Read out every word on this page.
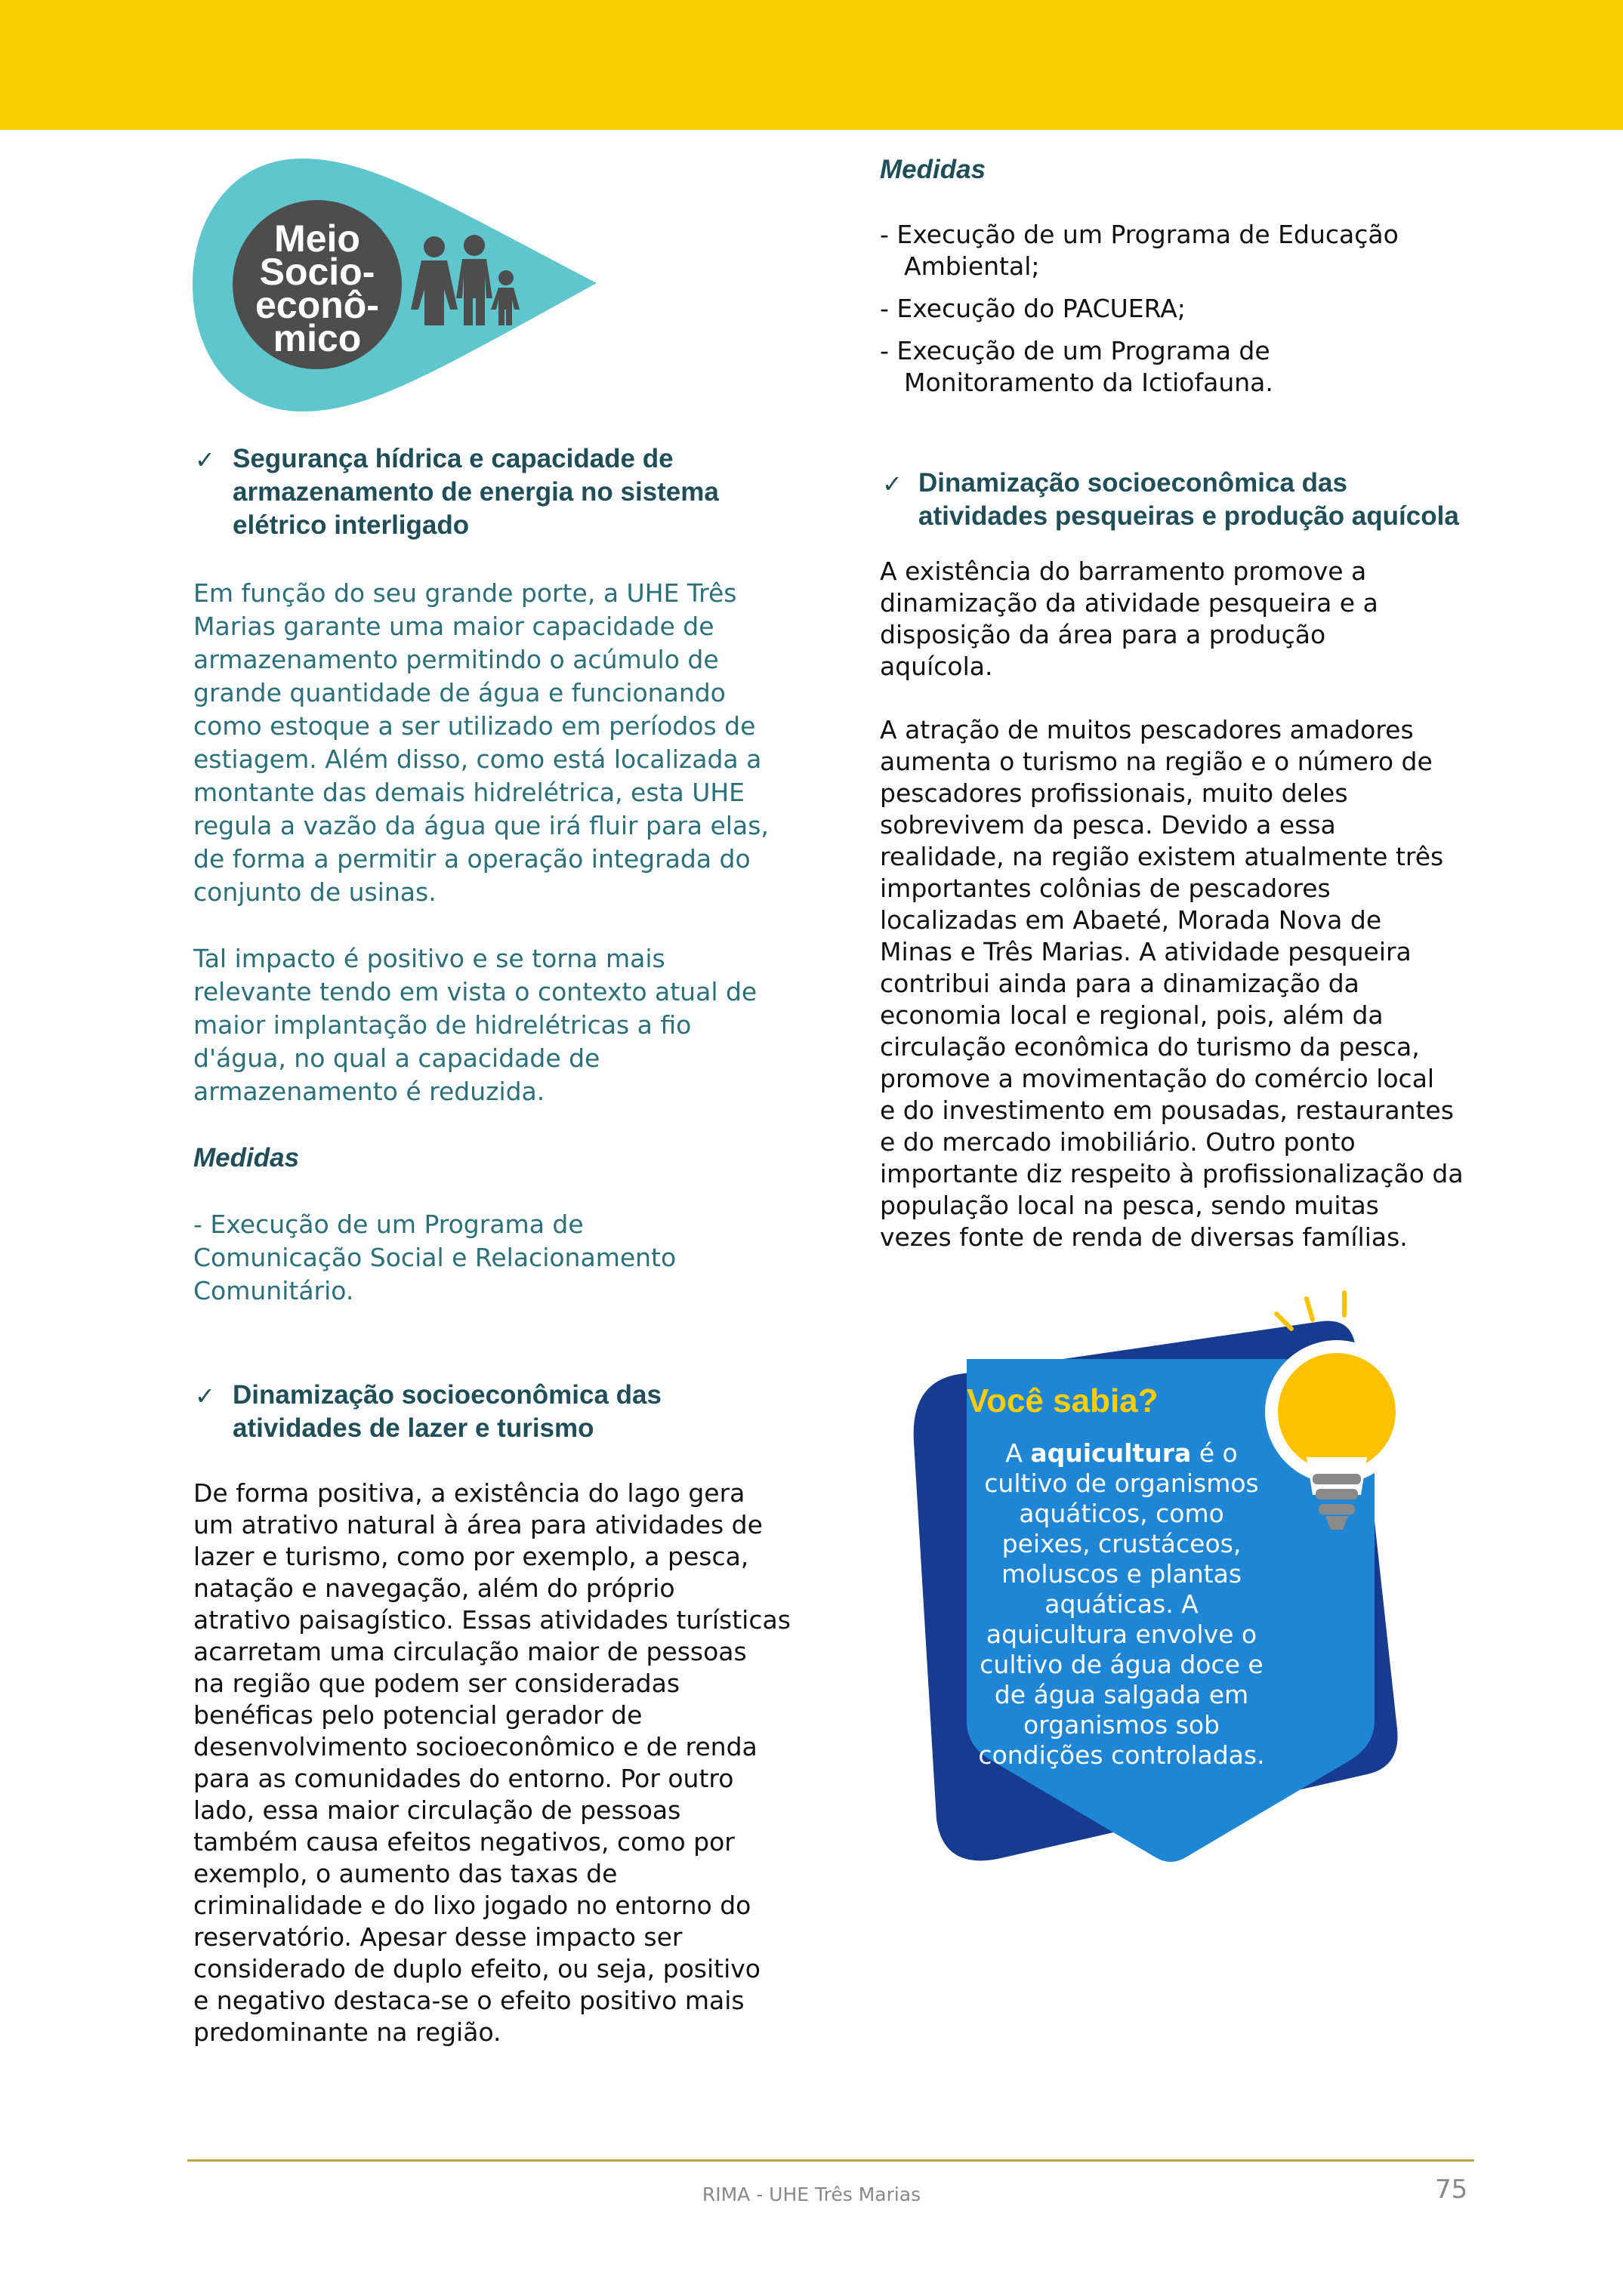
Meio
Socio-
econô-
mico
✓ Segurança hídrica e capacidade de
armazenamento de energia no sistema
elétrico interligado
Em função do seu grande porte, a UHE Três
Marias garante uma maior capacidade de
armazenamento permitindo o acúmulo de
grande quantidade de água e funcionando
como estoque a ser utilizado em períodos de
estiagem. Além disso, como está localizada a
montante das demais hidrelétrica, esta UHE
regula a vazão da água que irá fluir para elas,
de forma a permitir a operação integrada do
conjunto de usinas.
Tal impacto é positivo e se torna mais
relevante tendo em vista o contexto atual de
maior implantação de hidrelétricas a fio
d'água, no qual a capacidade de
armazenamento é reduzida.
Medidas
- Execução de um Programa de
Comunicação Social e Relacionamento
Comunitário.
✓ Dinamização socioeconômica das
atividades de lazer e turismo
De forma positiva, a existência do lago gera
um atrativo natural à área para atividades de
lazer e turismo, como por exemplo, a pesca,
natação e navegação, além do próprio
atrativo paisagístico. Essas atividades turísticas
acarretam uma circulação maior de pessoas
na região que podem ser consideradas
benéficas pelo potencial gerador de
desenvolvimento socioeconômico e de renda
para as comunidades do entorno. Por outro
lado, essa maior circulação de pessoas
também causa efeitos negativos, como por
exemplo, o aumento das taxas de
criminalidade e do lixo jogado no entorno do
reservatório. Apesar desse impacto ser
considerado de duplo efeito, ou seja, positivo
e negativo destaca-se o efeito positivo mais
predominante na região.
Medidas
- Execução de um Programa de Educação
Ambiental;
- Execução do PACUERA;
- Execução de um Programa de
Monitoramento da Ictiofauna.
✓ Dinamização socioeconômica das
atividades pesqueiras e produção aquícola
A existência do barramento promove a
dinamização da atividade pesqueira e a
disposição da área para a produção
aquícola.
A atração de muitos pescadores amadores
aumenta o turismo na região e o número de
pescadores profissionais, muito deles
sobrevivem da pesca. Devido a essa
realidade, na região existem atualmente três
importantes colônias de pescadores
localizadas em Abaeté, Morada Nova de
Minas e Três Marias. A atividade pesqueira
contribui ainda para a dinamização da
economia local e regional, pois, além da
circulação econômica do turismo da pesca,
promove a movimentação do comércio local
e do investimento em pousadas, restaurantes
e do mercado imobiliário. Outro ponto
importante diz respeito à profissionalização da
população local na pesca, sendo muitas
vezes fonte de renda de diversas famílias.
Você sabia?
A aquicultura é o
cultivo de organismos
aquáticos, como
peixes, crustáceos,
moluscos e plantas
aquáticas. A
aquicultura envolve o
cultivo de água doce e
de água salgada em
organismos sob
condições controladas.
RIMA - UHE Três Marias	75
